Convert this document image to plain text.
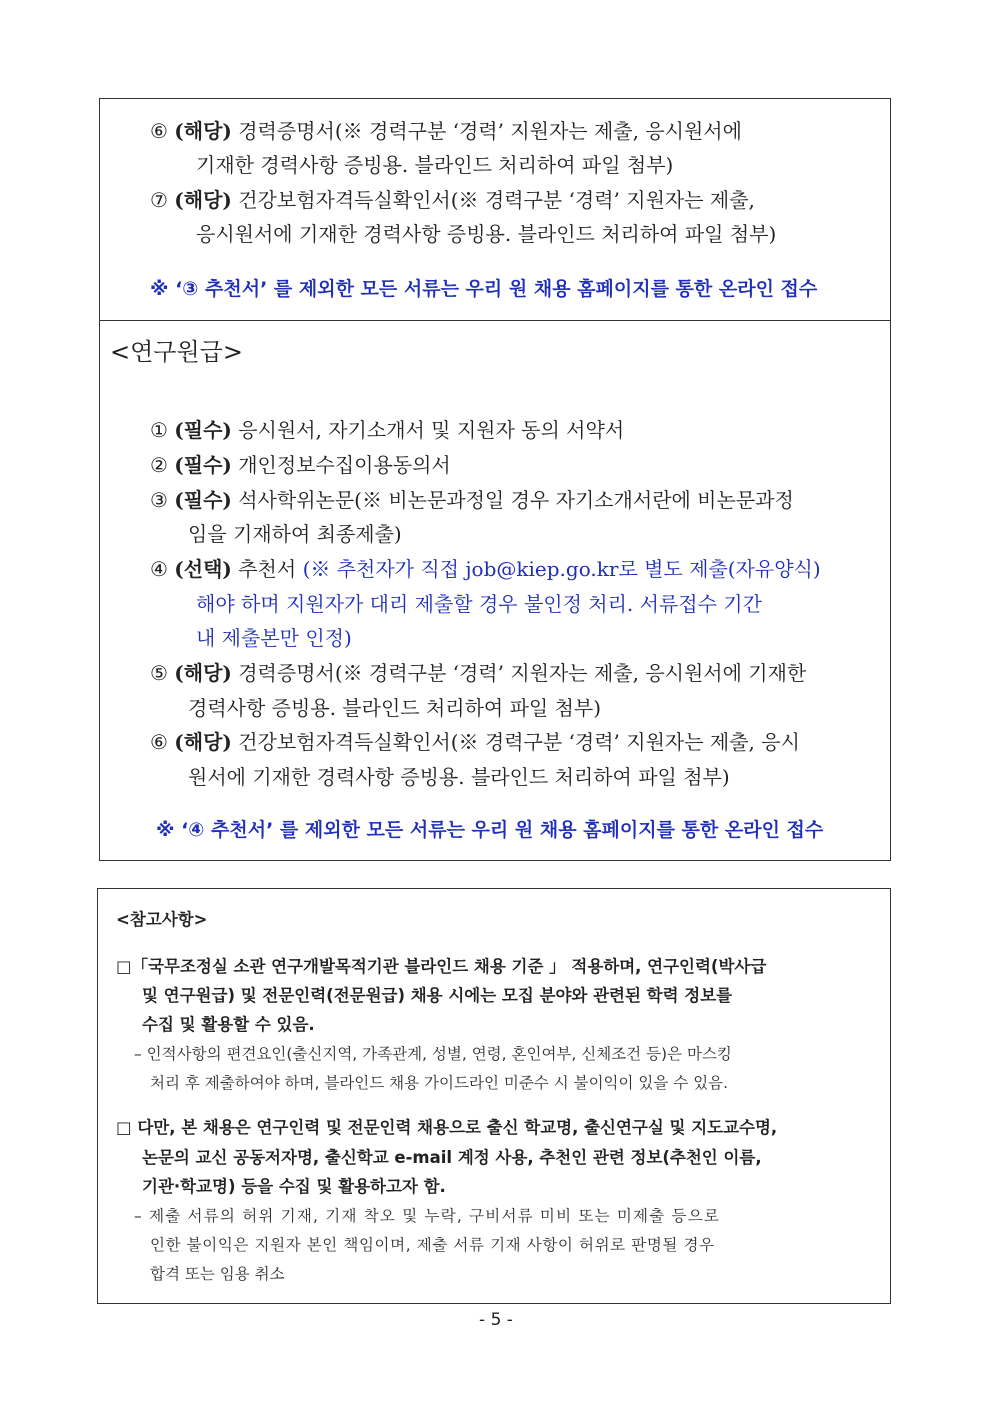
⑥ (해당) 경력증명서(※ 경력구분 ‘경력’ 지원자는 제출, 응시원서에
기재한 경력사항 증빙용. 블라인드 처리하여 파일 첨부)
⑦ (해당) 건강보험자격득실확인서(※ 경력구분 ‘경력’ 지원자는 제출,
응시원서에 기재한 경력사항 증빙용. 블라인드 처리하여 파일 첨부)
※ ‘③ 추천서’ 를 제외한 모든 서류는 우리 원 채용 홈페이지를 통한 온라인 접수
<연구원급>
① (필수) 응시원서, 자기소개서 및 지원자 동의 서약서
② (필수) 개인정보수집이용동의서
③ (필수) 석사학위논문(※ 비논문과정일 경우 자기소개서란에 비논문과정
임을 기재하여 최종제출)
④ (선택) 추천서 (※ 추천자가 직접 job@kiep.go.kr로 별도 제출(자유양식)
해야 하며 지원자가 대리 제출할 경우 불인정 처리. 서류접수 기간
내 제출본만 인정)
⑤ (해당) 경력증명서(※ 경력구분 ‘경력’ 지원자는 제출, 응시원서에 기재한
경력사항 증빙용. 블라인드 처리하여 파일 첨부)
⑥ (해당) 건강보험자격득실확인서(※ 경력구분 ‘경력’ 지원자는 제출, 응시
원서에 기재한 경력사항 증빙용. 블라인드 처리하여 파일 첨부)
※ ‘④ 추천서’ 를 제외한 모든 서류는 우리 원 채용 홈페이지를 통한 온라인 접수
<참고사항>
□「국무조정실 소관 연구개발목적기관 블라인드 채용 기준 」 적용하며, 연구인력(박사급
및 연구원급) 및 전문인력(전문원급) 채용 시에는 모집 분야와 관련된 학력 정보를
수집 및 활용할 수 있음.
– 인적사항의 편견요인(출신지역, 가족관계, 성별, 연령, 혼인여부, 신체조건 등)은 마스킹
처리 후 제출하여야 하며, 블라인드 채용 가이드라인 미준수 시 불이익이 있을 수 있음.
□ 다만, 본 채용은 연구인력 및 전문인력 채용으로 출신 학교명, 출신연구실 및 지도교수명,
논문의 교신 공동저자명, 출신학교 e-mail 계정 사용, 추천인 관련 정보(추천인 이름,
기관·학교명) 등을 수집 및 활용하고자 함.
– 제출 서류의 허위 기재, 기재 착오 및 누락, 구비서류 미비 또는 미제출 등으로
인한 불이익은 지원자 본인 책임이며, 제출 서류 기재 사항이 허위로 판명될 경우
합격 또는 임용 취소
- 5 -
